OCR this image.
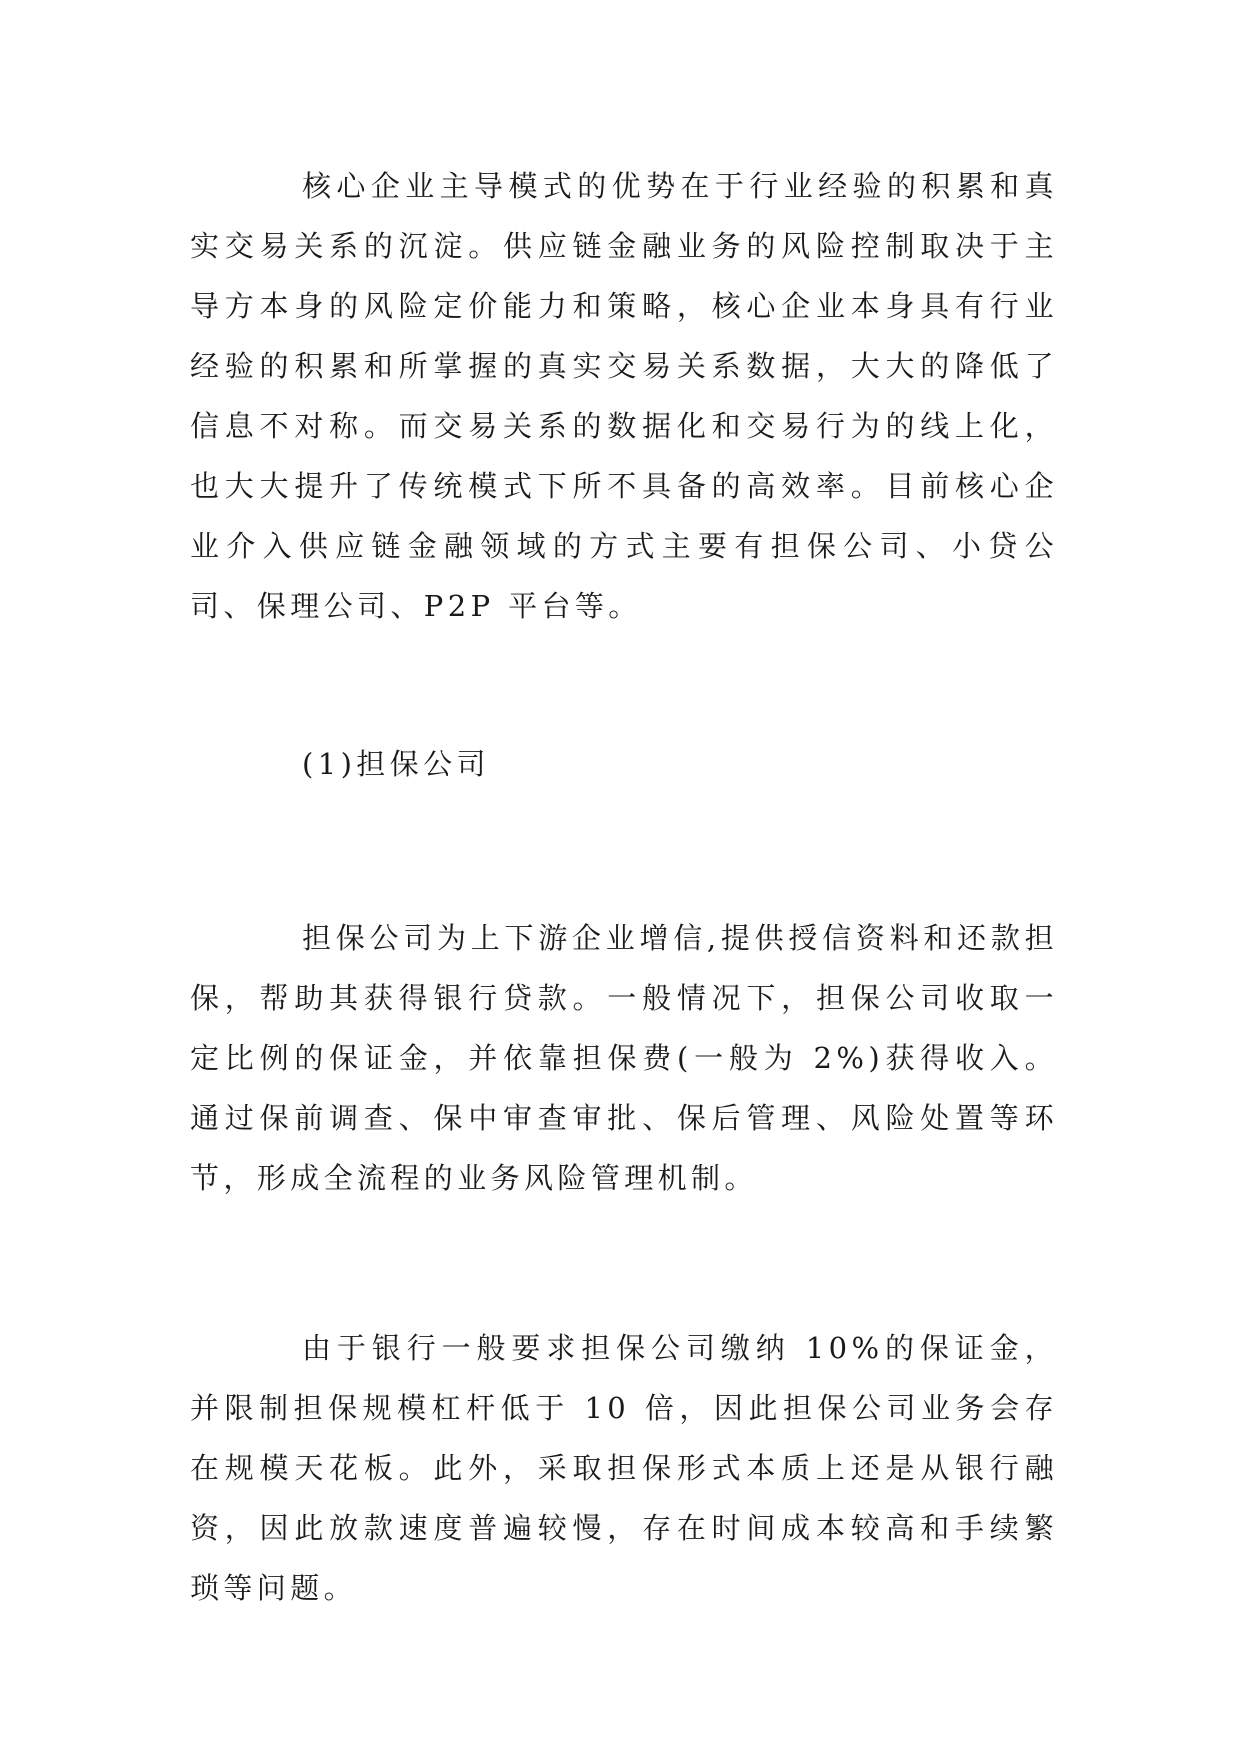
核心企业主导模式的优势在于行业经验的积累和真实交易关系的沉淀。供应链金融业务的风险控制取决于主导方本身的风险定价能力和策略，核心企业本身具有行业经验的积累和所掌握的真实交易关系数据，大大的降低了信息不对称。而交易关系的数据化和交易行为的线上化，也大大提升了传统模式下所不具备的高效率。目前核心企业介入供应链金融领域的方式主要有担保公司、小贷公司、保理公司、P2P 平台等。

(1)担保公司

担保公司为上下游企业增信,提供授信资料和还款担保，帮助其获得银行贷款。一般情况下，担保公司收取一定比例的保证金，并依靠担保费(一般为 2%)获得收入。通过保前调查、保中审查审批、保后管理、风险处置等环节，形成全流程的业务风险管理机制。

由于银行一般要求担保公司缴纳 10%的保证金，并限制担保规模杠杆低于 10 倍，因此担保公司业务会存在规模天花板。此外，采取担保形式本质上还是从银行融资，因此放款速度普遍较慢，存在时间成本较高和手续繁琐等问题。
